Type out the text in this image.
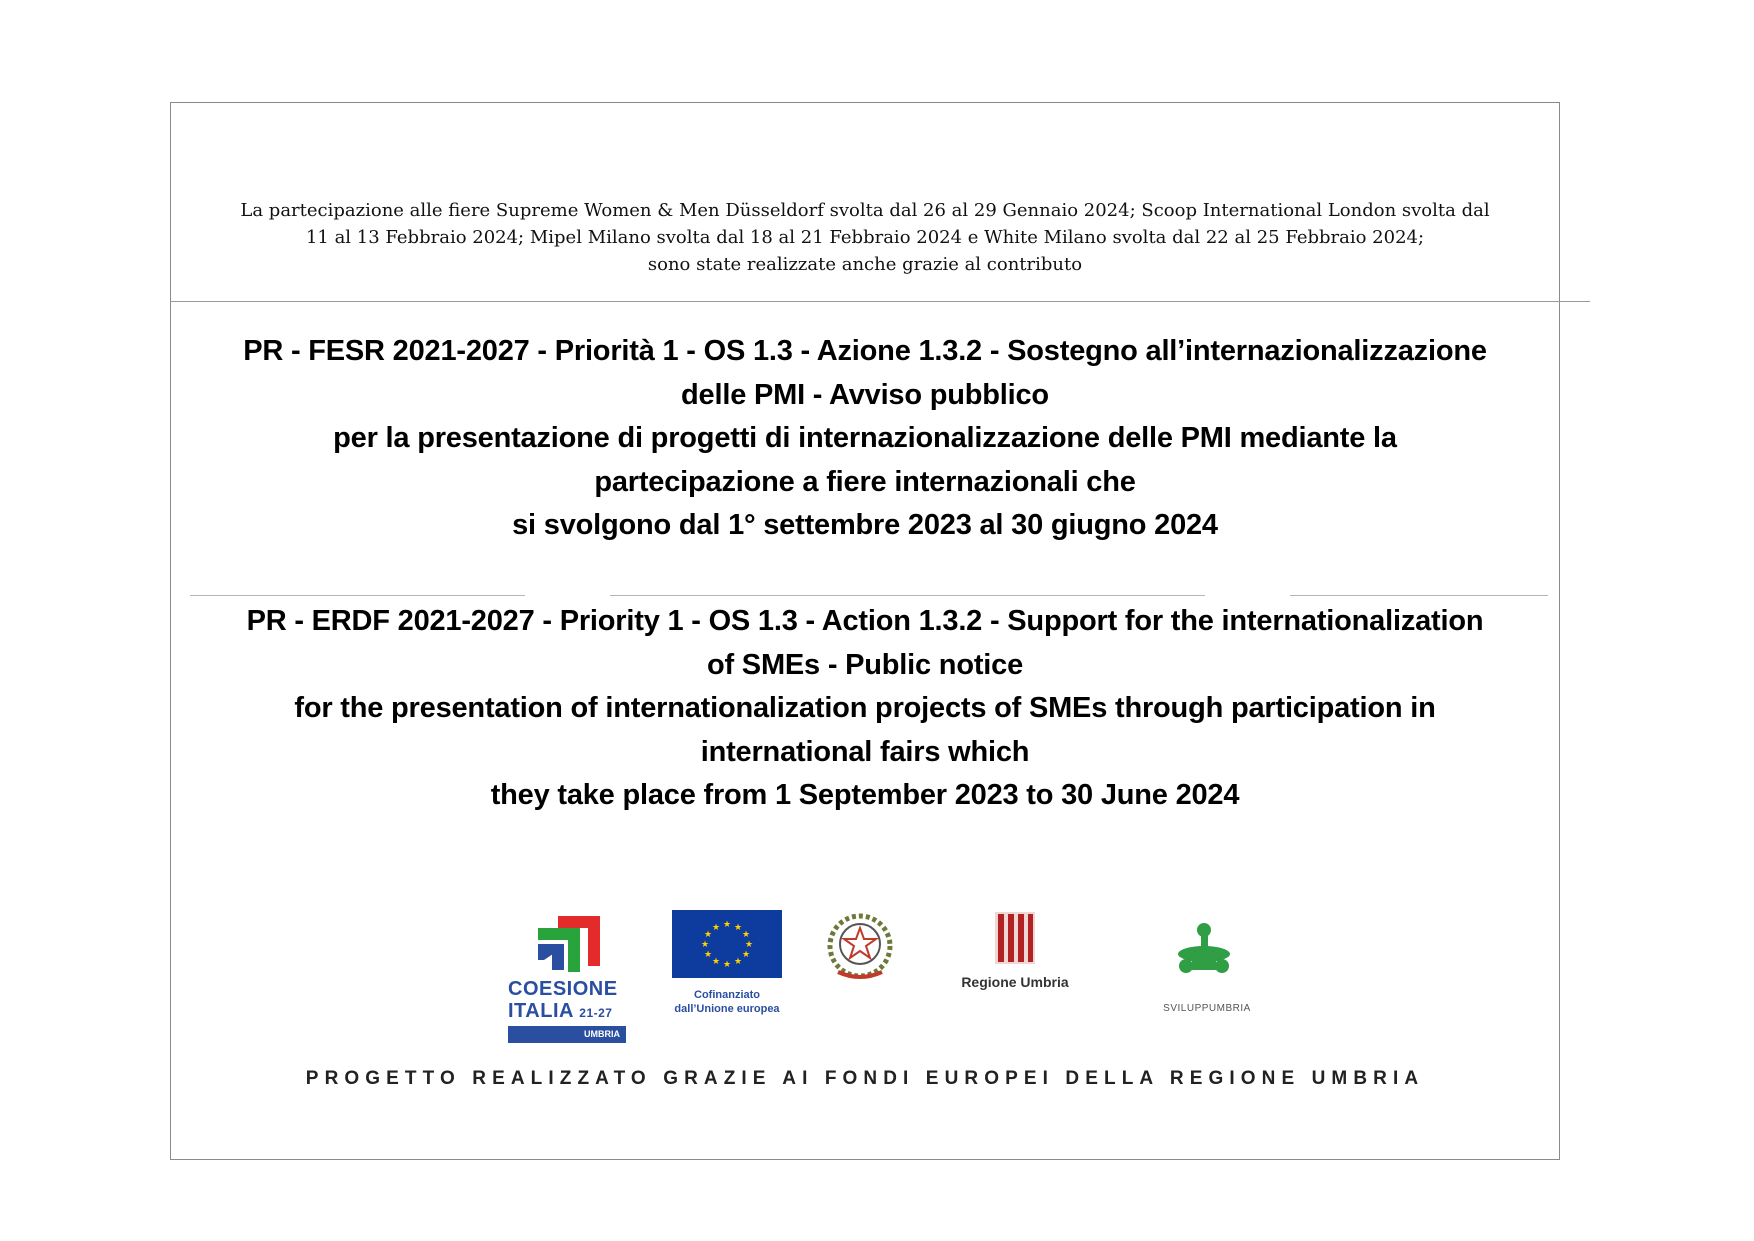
La partecipazione alle fiere Supreme Women & Men Düsseldorf svolta dal 26 al 29 Gennaio 2024; Scoop International London svolta dal
11 al 13 Febbraio 2024; Mipel Milano svolta dal 18 al 21 Febbraio 2024 e White Milano svolta dal 22 al 25 Febbraio 2024;
sono state realizzate anche grazie al contributo
PR - FESR 2021-2027 - Priorità 1 - OS 1.3 - Azione 1.3.2 - Sostegno all’internazionalizzazione
delle PMI - Avviso pubblico
per la presentazione di progetti di internazionalizzazione delle PMI mediante la
partecipazione a fiere internazionali che
si svolgono dal 1° settembre 2023 al 30 giugno 2024
PR - ERDF 2021-2027 - Priority 1 - OS 1.3 - Action 1.3.2 - Support for the internationalization
of SMEs - Public notice
for the presentation of internationalization projects of SMEs through participation in
international fairs which
they take place from 1 September 2023 to 30 June 2024
COESIONE
ITALIA 21-27
UMBRIA
★ ★
★
★
★
★
★
★
★
★
★
★
Cofinanziato
dall’Unione europea
Regione Umbria
SVILUPPUMBRIA
PROGETTO REALIZZATO GRAZIE AI FONDI EUROPEI DELLA REGIONE UMBRIA
